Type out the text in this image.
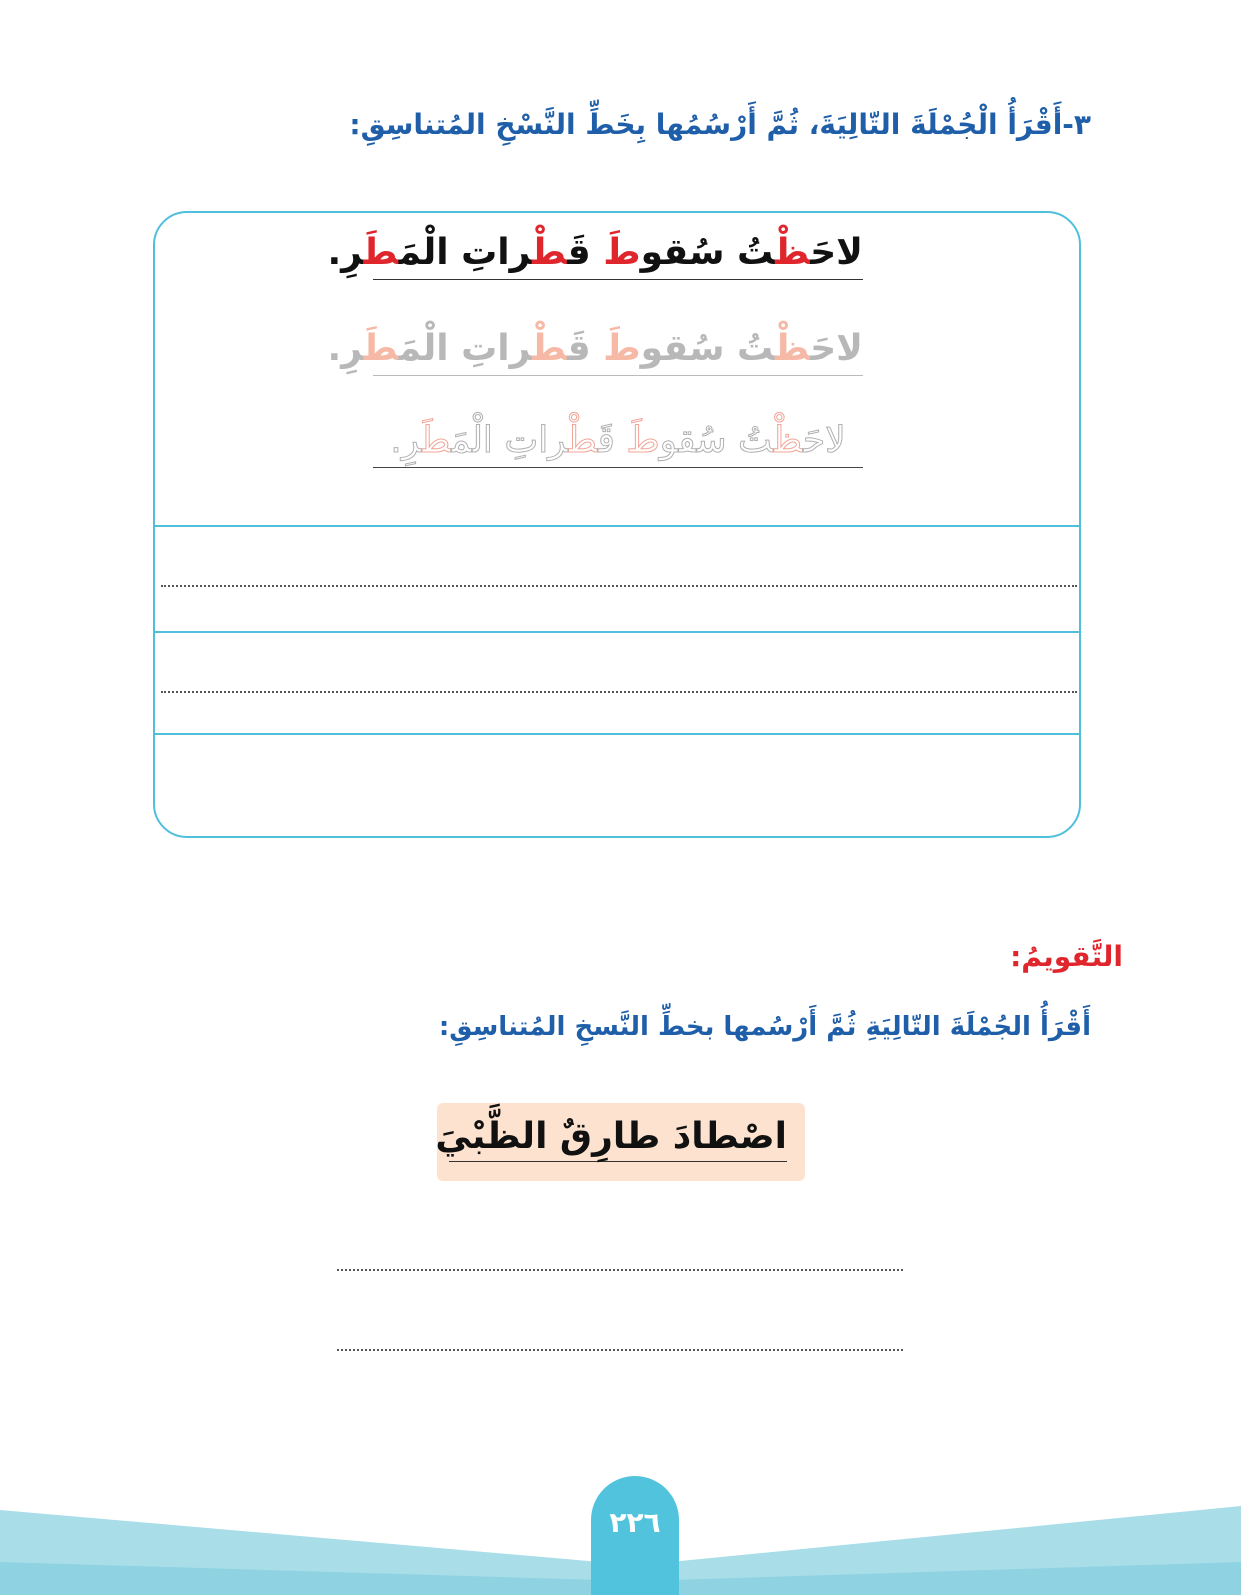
٣-أَقْرَأُ الْجُمْلَةَ التّالِيَةَ، ثُمَّ أَرْسُمُها بِخَطِّ النَّسْخِ المُتناسِقِ:
لاحَظْتُ سُقوطَ قَطْراتِ الْمَطَرِ.
لاحَظْتُ سُقوطَ قَطْراتِ الْمَطَرِ.
لاحَظْتُ سُقوطَ قَطْراتِ الْمَطَرِ.
التَّقويمُ:
أَقْرَأُ الجُمْلَةَ التّالِيَةِ ثُمَّ أَرْسُمها بخطِّ النَّسخِ المُتناسِقِ:
اصْطادَ طارِقٌ الظَّبْيَ
٢٢٦
